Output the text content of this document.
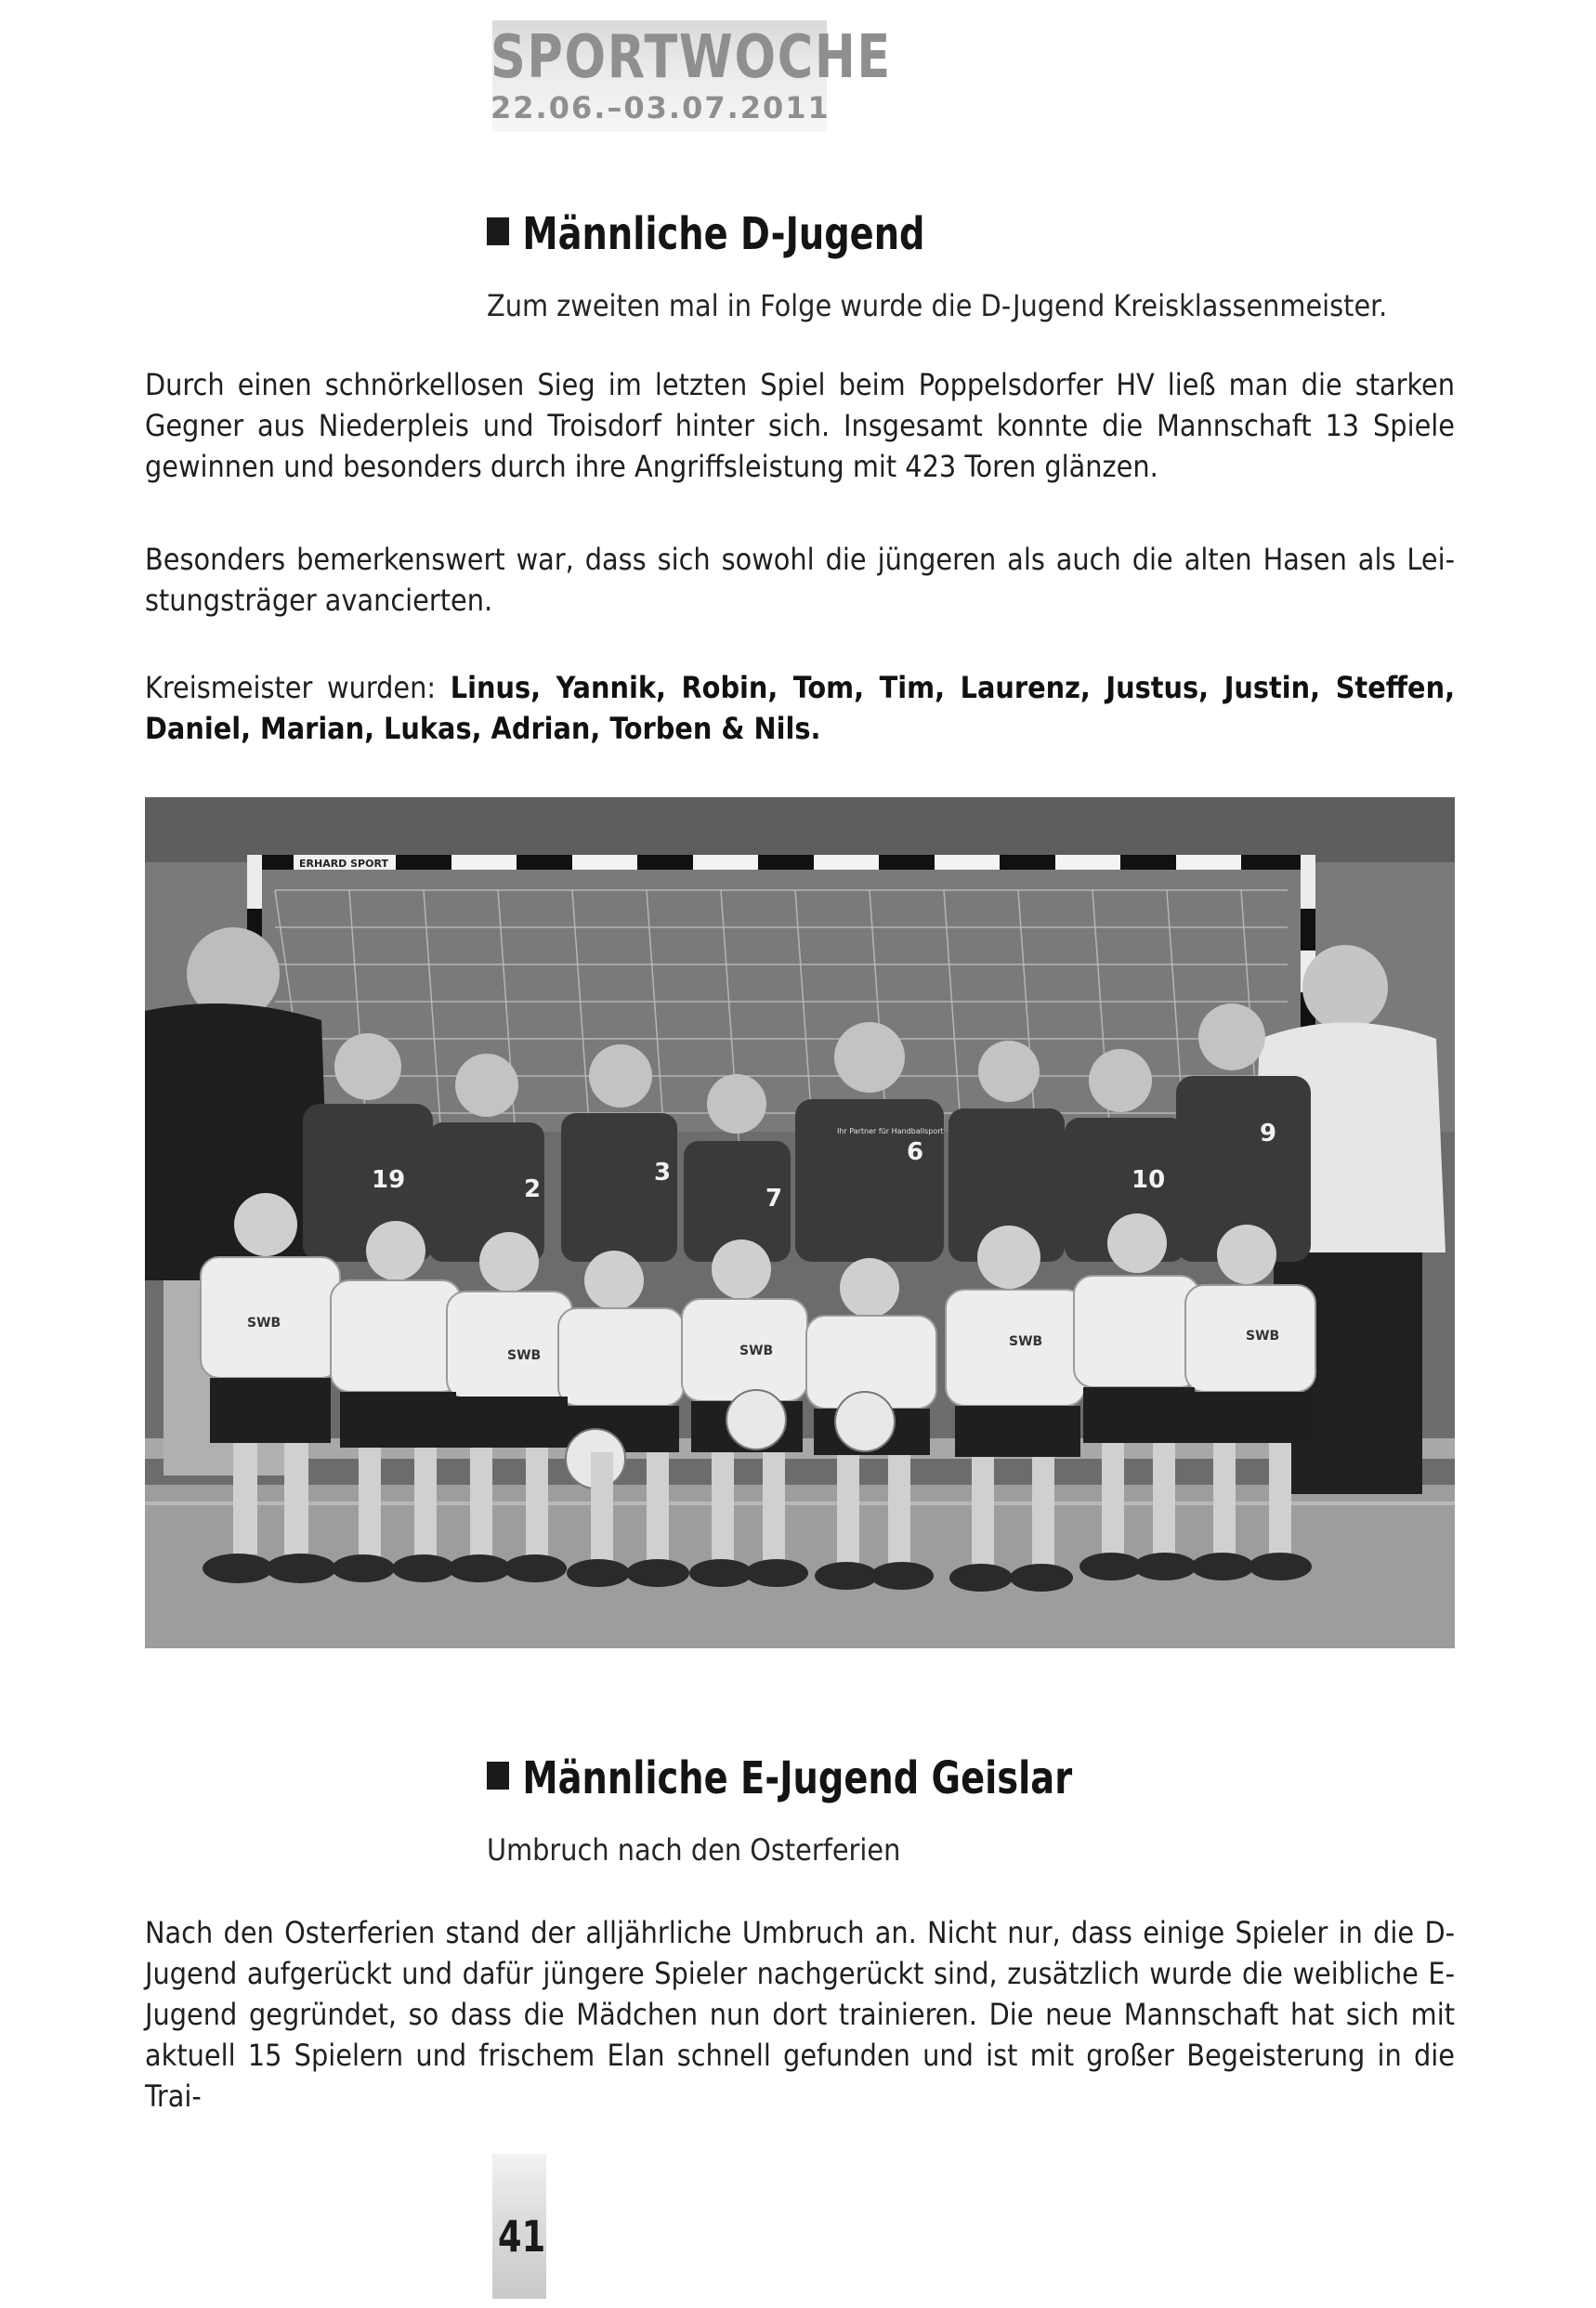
SPORTWOCHE
22.06.–03.07.2011
Männliche D-Jugend
Zum zweiten mal in Folge wurde die D-Jugend Kreisklassenmeister.

Durch einen schnörkellosen Sieg im letzten Spiel beim Poppelsdorfer HV ließ man die starken Gegner aus Niederpleis und Troisdorf hinter sich. Insgesamt konnte die Mannschaft 13 Spiele gewinnen und besonders durch ihre Angriffsleistung mit 423 Toren glänzen.

Besonders bemerkenswert war, dass sich sowohl die jüngeren als auch die alten Hasen als Leistungsträger avancierten.

Kreismeister wurden: Linus, Yannik, Robin, Tom, Tim, Laurenz, Justus, Justin, Steffen, Daniel, Marian, Lukas, Adrian, Torben & Nils.

ERHARD SPORT
19	2
3
7
6
10
9
Ihr Partner für Handballsport
SWB
SWB	SWB
SWB	SWB
Männliche E-Jugend Geislar
Umbruch nach den Osterferien

Nach den Osterferien stand der alljährliche Umbruch an. Nicht nur, dass einige Spieler in die D-Jugend aufgerückt und dafür jüngere Spieler nachgerückt sind, zusätzlich wurde die weibliche E-Jugend gegründet, so dass die Mädchen nun dort trainieren. Die neue Mannschaft hat sich mit aktuell 15 Spielern und frischem Elan schnell gefunden und ist mit großer Begeisterung in die Trai-

41
